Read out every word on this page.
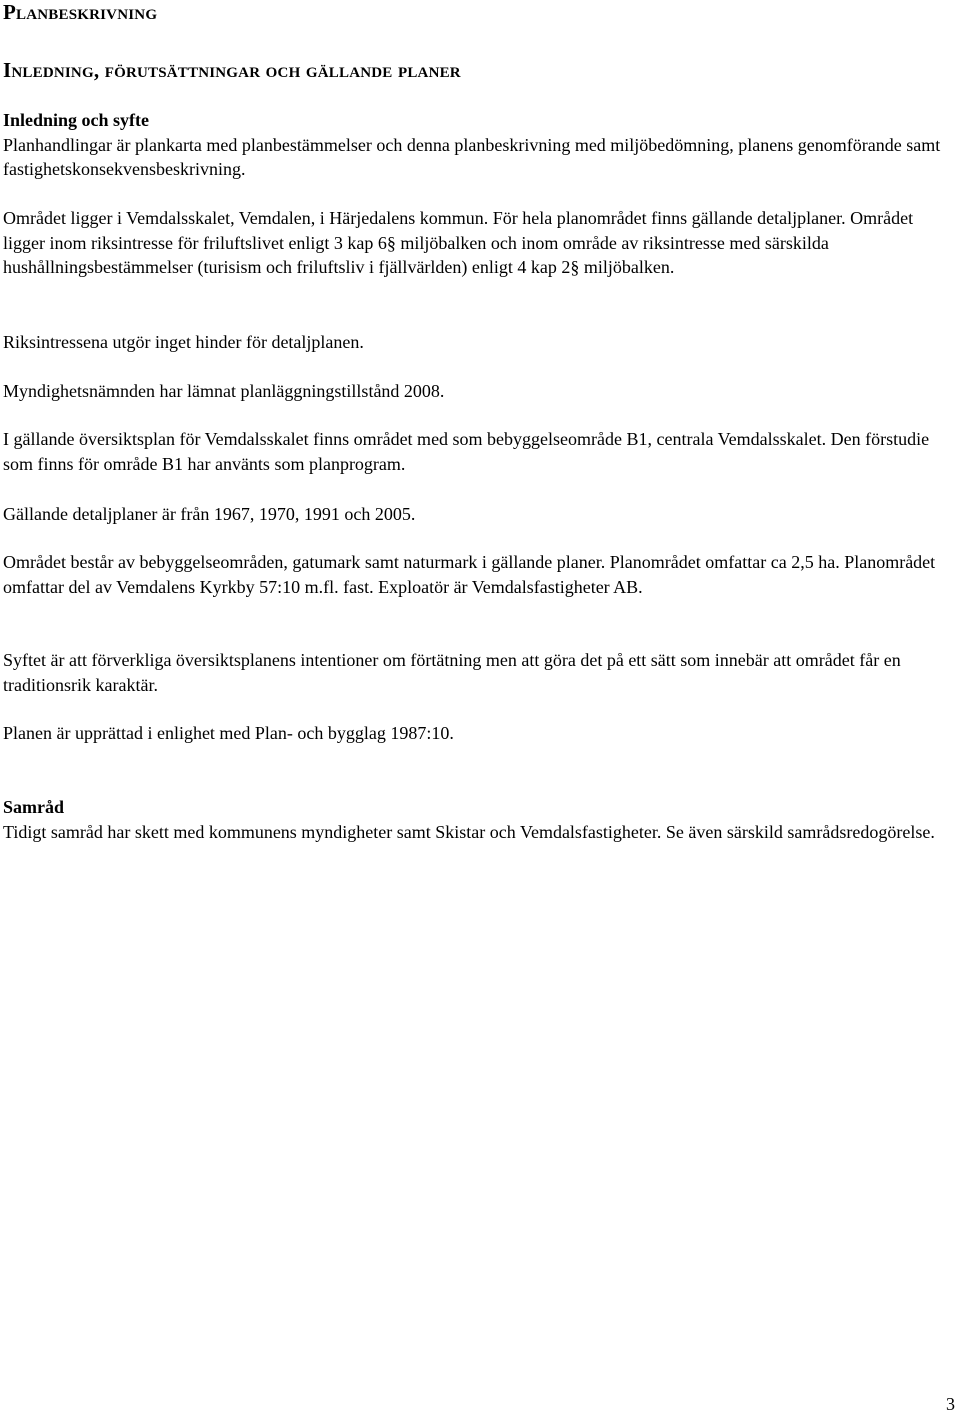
Planbeskrivning
Inledning, förutsättningar och gällande planer
Inledning och syfte
Planhandlingar är plankarta med planbestämmelser och denna planbeskrivning med miljöbedömning, planens genomförande samt fastighetskonsekvensbeskrivning.
Området ligger i Vemdalsskalet, Vemdalen, i Härjedalens kommun. För hela planområdet finns gällande detaljplaner. Området ligger inom riksintresse för friluftslivet enligt 3 kap 6§ miljöbalken och inom område av riksintresse med särskilda hushållningsbestämmelser (turisism och friluftsliv i fjällvärlden) enligt 4 kap 2§ miljöbalken.
Riksintressena utgör inget hinder för detaljplanen.
Myndighetsnämnden har lämnat planläggningstillstånd 2008.
I gällande översiktsplan för Vemdalsskalet finns området med som bebyggelseområde B1, centrala Vemdalsskalet. Den förstudie som finns för område B1 har använts som planprogram.
Gällande detaljplaner är från 1967, 1970, 1991 och 2005.
Området består av bebyggelseområden, gatumark samt naturmark i gällande planer. Planområdet omfattar ca 2,5 ha. Planområdet omfattar del av Vemdalens Kyrkby 57:10 m.fl. fast. Exploatör är Vemdalsfastigheter AB.
Syftet är att förverkliga översiktsplanens intentioner om förtätning men att göra det på ett sätt som innebär att området får en traditionsrik karaktär.
Planen är upprättad i enlighet med Plan- och bygglag 1987:10.
Samråd
Tidigt samråd har skett med kommunens myndigheter samt Skistar och Vemdalsfastigheter. Se även särskild samrådsredogörelse.
3
